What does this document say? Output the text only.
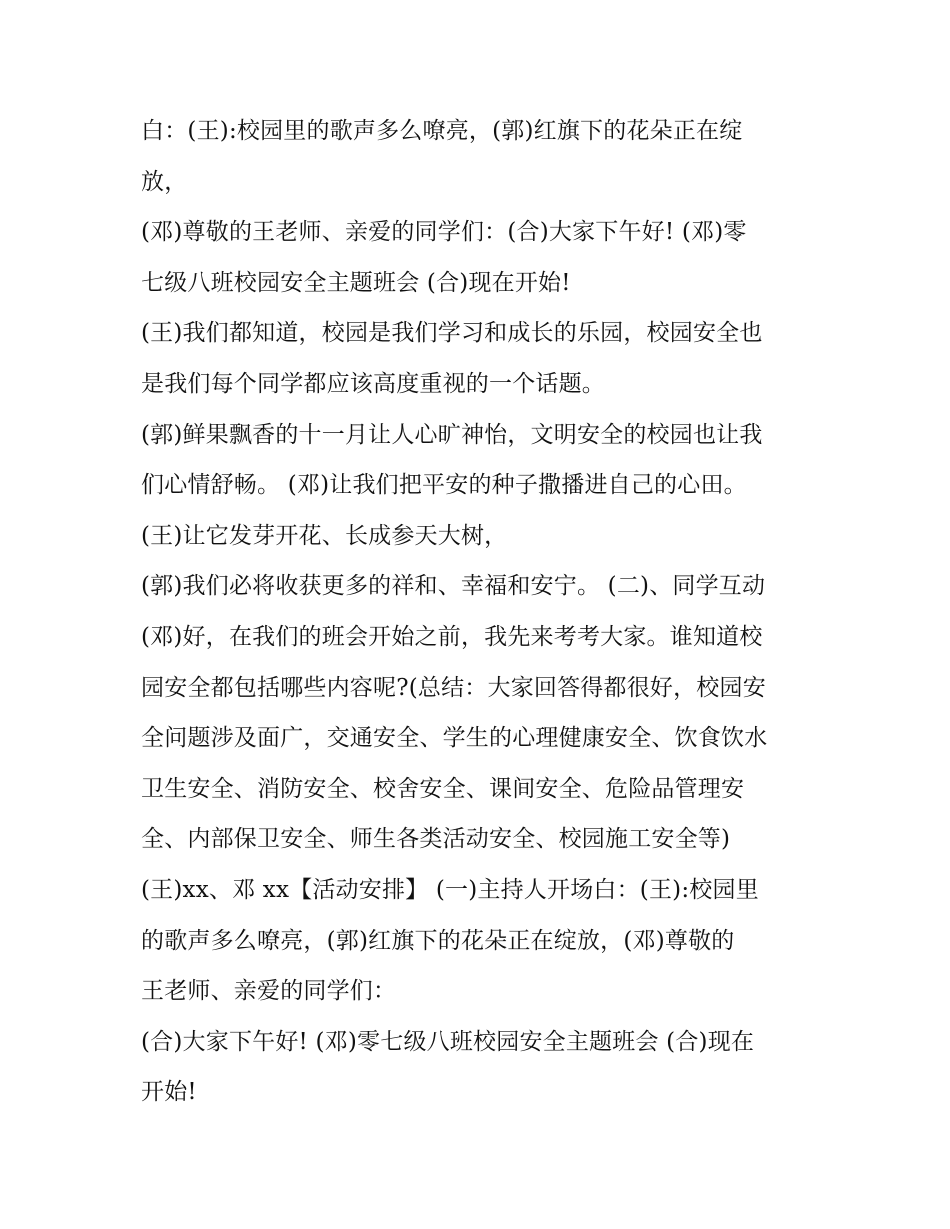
白：(王):校园里的歌声多么嘹亮，(郭)红旗下的花朵正在绽
放，
(邓)尊敬的王老师、亲爱的同学们：(合)大家下午好! (邓)零
七级八班校园安全主题班会 (合)现在开始!
(王)我们都知道，校园是我们学习和成长的乐园，校园安全也
是我们每个同学都应该高度重视的一个话题。
(郭)鲜果飘香的十一月让人心旷神怡，文明安全的校园也让我
们心情舒畅。 (邓)让我们把平安的种子撒播进自己的心田。
(王)让它发芽开花、长成参天大树，
(郭)我们必将收获更多的祥和、幸福和安宁。 (二)、同学互动
(邓)好，在我们的班会开始之前，我先来考考大家。谁知道校
园安全都包括哪些内容呢?(总结：大家回答得都很好，校园安
全问题涉及面广，交通安全、学生的心理健康安全、饮食饮水
卫生安全、消防安全、校舍安全、课间安全、危险品管理安
全、内部保卫安全、师生各类活动安全、校园施工安全等)
(王)xx、邓 xx【活动安排】 (一)主持人开场白：(王):校园里
的歌声多么嘹亮，(郭)红旗下的花朵正在绽放，(邓)尊敬的
王老师、亲爱的同学们：
(合)大家下午好! (邓)零七级八班校园安全主题班会 (合)现在
开始!
